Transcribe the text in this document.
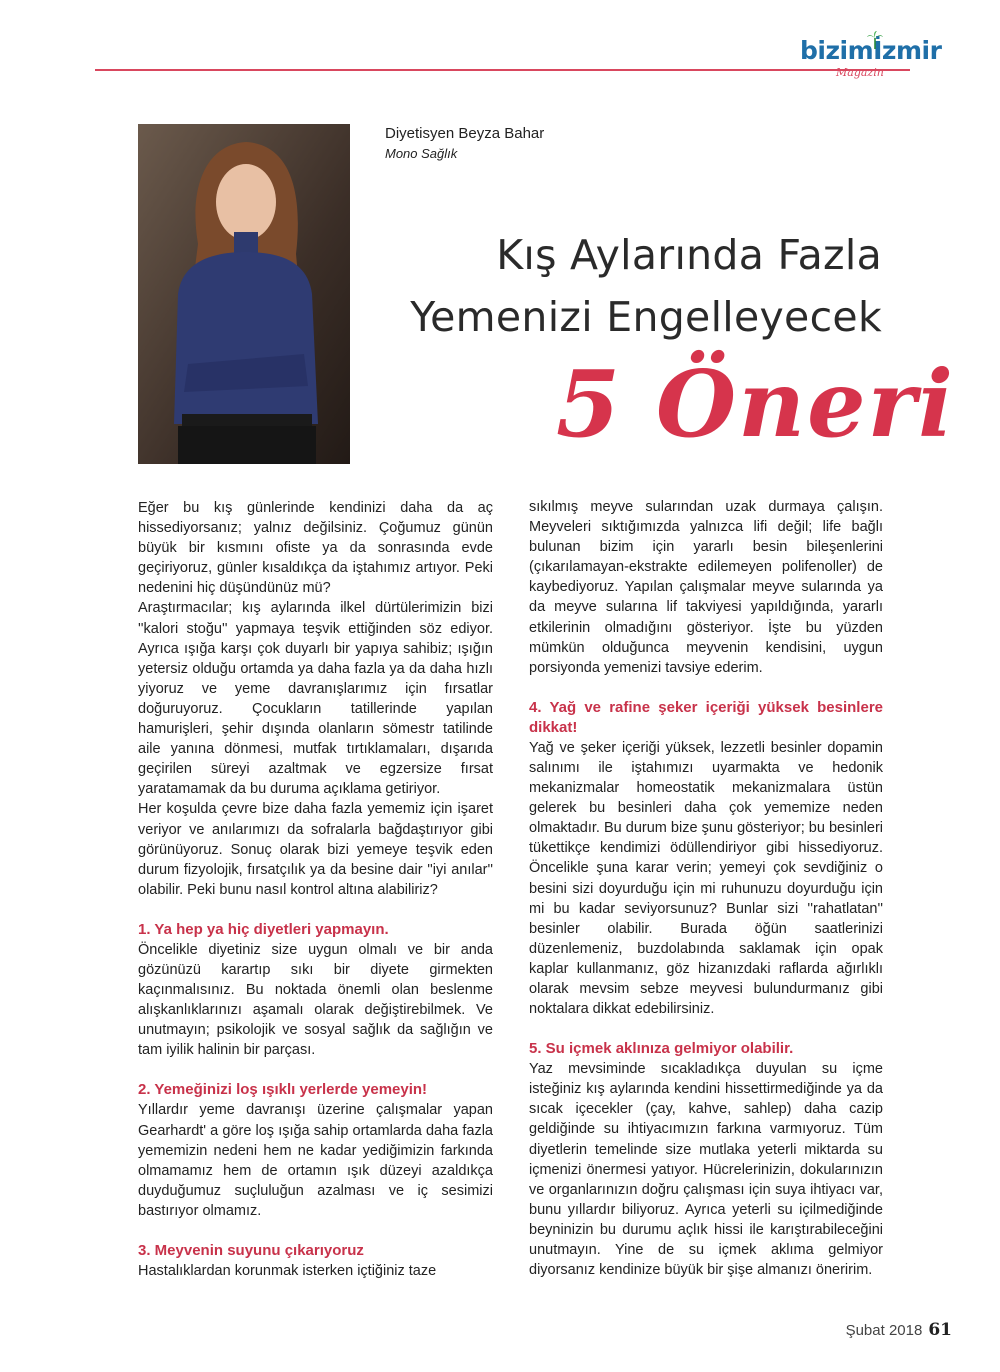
bizimİzmir
Magazin
Diyetisyen Beyza Bahar
Mono Sağlık
Kış Aylarında Fazla
Yemenizi Engelleyecek
5 Öneri

Eğer bu kış günlerinde kendinizi daha da aç hissediyorsanız; yalnız değilsiniz. Çoğumuz günün büyük bir kısmını ofiste ya da sonrasında evde geçiriyoruz, günler kısaldıkça da iştahımız artıyor. Peki nedenini hiç düşündünüz mü?

Araştırmacılar; kış aylarında ilkel dürtülerimizin bizi ''kalori stoğu'' yapmaya teşvik ettiğinden söz ediyor. Ayrıca ışığa karşı çok duyarlı bir yapıya sahibiz; ışığın yetersiz olduğu ortamda ya daha fazla ya da daha hızlı yiyoruz ve yeme davranışlarımız için fırsatlar doğuruyoruz. Çocukların tatillerinde yapılan hamurişleri, şehir dışında olanların sömestr tatilinde aile yanına dönmesi, mutfak tırtıklamaları, dışarıda geçirilen süreyi azaltmak ve egzersize fırsat yaratamamak da bu duruma açıklama getiriyor.

Her koşulda çevre bize daha fazla yememiz için işaret veriyor ve anılarımızı da sofralarla bağdaştırıyor gibi görünüyoruz. Sonuç olarak bizi yemeye teşvik eden durum fizyolojik, fırsatçılık ya da besine dair ''iyi anılar'' olabilir. Peki bunu nasıl kontrol altına alabiliriz?

1. Ya hep ya hiç diyetleri yapmayın.

Öncelikle diyetiniz size uygun olmalı ve bir anda gözünüzü karartıp sıkı bir diyete girmekten kaçınmalısınız. Bu noktada önemli olan beslenme alışkanlıklarınızı aşamalı olarak değiştirebilmek. Ve unutmayın; psikolojik ve sosyal sağlık da sağlığın ve tam iyilik halinin bir parçası.

2. Yemeğinizi loş ışıklı yerlerde yemeyin!

Yıllardır yeme davranışı üzerine çalışmalar yapan Gearhardt' a göre loş ışığa sahip ortamlarda daha fazla yememizin nedeni hem ne kadar yediğimizin farkında olmamamız hem de ortamın ışık düzeyi azaldıkça duyduğumuz suçluluğun azalması ve iç sesimizi bastırıyor olmamız.

3. Meyvenin suyunu çıkarıyoruz

Hastalıklardan korunmak isterken içtiğiniz taze

sıkılmış meyve sularından uzak durmaya çalışın. Meyveleri sıktığımızda yalnızca lifi değil; life bağlı bulunan bizim için yararlı besin bileşenlerini (çıkarılamayan-ekstrakte edilemeyen polifenoller) de kaybediyoruz. Yapılan çalışmalar meyve sularında ya da meyve sularına lif takviyesi yapıldığında, yararlı etkilerinin olmadığını gösteriyor. İşte bu yüzden mümkün olduğunca meyvenin kendisini, uygun porsiyonda yemenizi tavsiye ederim.

4. Yağ ve rafine şeker içeriği yüksek besinlere dikkat!

Yağ ve şeker içeriği yüksek, lezzetli besinler dopamin salınımı ile iştahımızı uyarmakta ve hedonik mekanizmalar homeostatik mekanizmalara üstün gelerek bu besinleri daha çok yememize neden olmaktadır. Bu durum bize şunu gösteriyor; bu besinleri tükettikçe kendimizi ödüllendiriyor gibi hissediyoruz. Öncelikle şuna karar verin; yemeyi çok sevdiğiniz o besini sizi doyurduğu için mi ruhunuzu doyurduğu için mi bu kadar seviyorsunuz? Bunlar sizi ''rahatlatan'' besinler olabilir. Burada öğün saatlerinizi düzenlemeniz, buzdolabında saklamak için opak kaplar kullanmanız, göz hizanızdaki raflarda ağırlıklı olarak mevsim sebze meyvesi bulundurmanız gibi noktalara dikkat edebilirsiniz.

5. Su içmek aklınıza gelmiyor olabilir.

Yaz mevsiminde sıcakladıkça duyulan su içme isteğiniz kış aylarında kendini hissettirmediğinde ya da sıcak içecekler (çay, kahve, sahlep) daha cazip geldiğinde su ihtiyacımızın farkına varmıyoruz. Tüm diyetlerin temelinde size mutlaka yeterli miktarda su içmenizi önermesi yatıyor. Hücrelerinizin, dokularınızın ve organlarınızın doğru çalışması için suya ihtiyacı var, bunu yıllardır biliyoruz. Ayrıca yeterli su içilmediğinde beyninizin bu durumu açlık hissi ile karıştırabileceğini unutmayın. Yine de su içmek aklıma gelmiyor diyorsanız kendinize büyük bir şişe almanızı öneririm.

Şubat 2018 61
